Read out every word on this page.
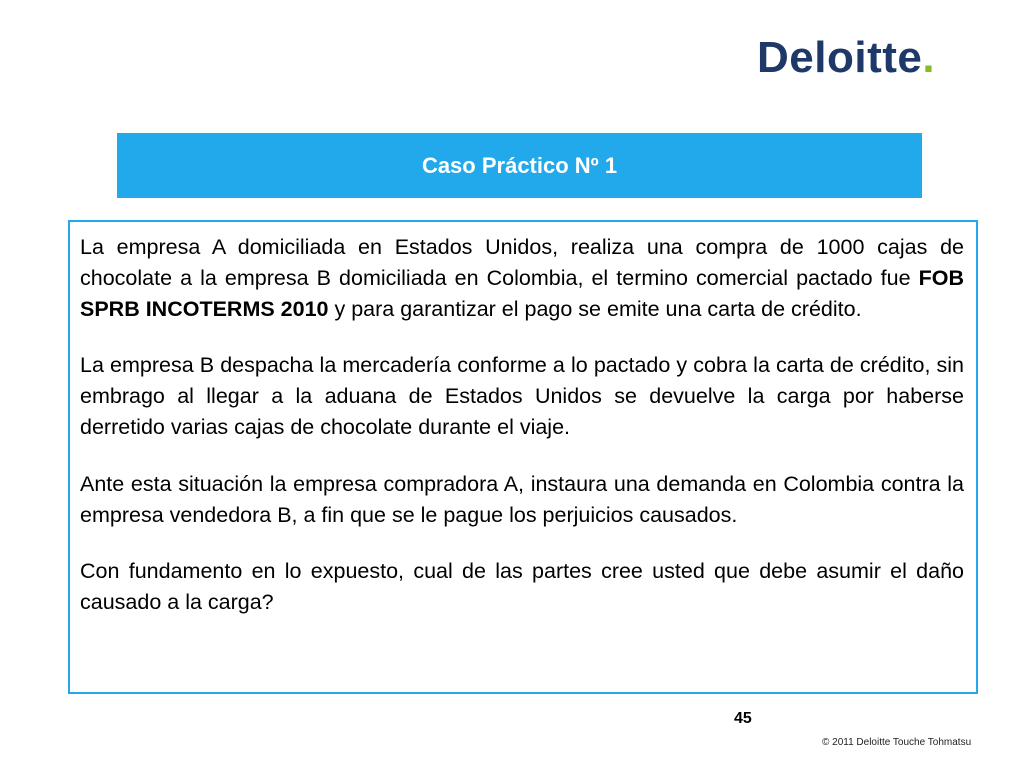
Deloitte.
Caso Práctico Nº 1

La empresa A domiciliada en Estados Unidos, realiza una compra de 1000 cajas de chocolate a la empresa B domiciliada en Colombia, el termino comercial pactado fue FOB SPRB INCOTERMS 2010 y para garantizar el pago se emite una carta de crédito.

La empresa B despacha la mercadería conforme a lo pactado y cobra la carta de crédito, sin embrago al llegar a la aduana de Estados Unidos se devuelve la carga por haberse derretido varias cajas de chocolate durante el viaje.

Ante esta situación la empresa compradora A, instaura una demanda en Colombia contra la empresa vendedora B, a fin que se le pague los perjuicios causados.

Con fundamento en lo expuesto, cual de las partes cree usted que debe asumir el daño causado a la carga?

45
© 2011 Deloitte Touche Tohmatsu
